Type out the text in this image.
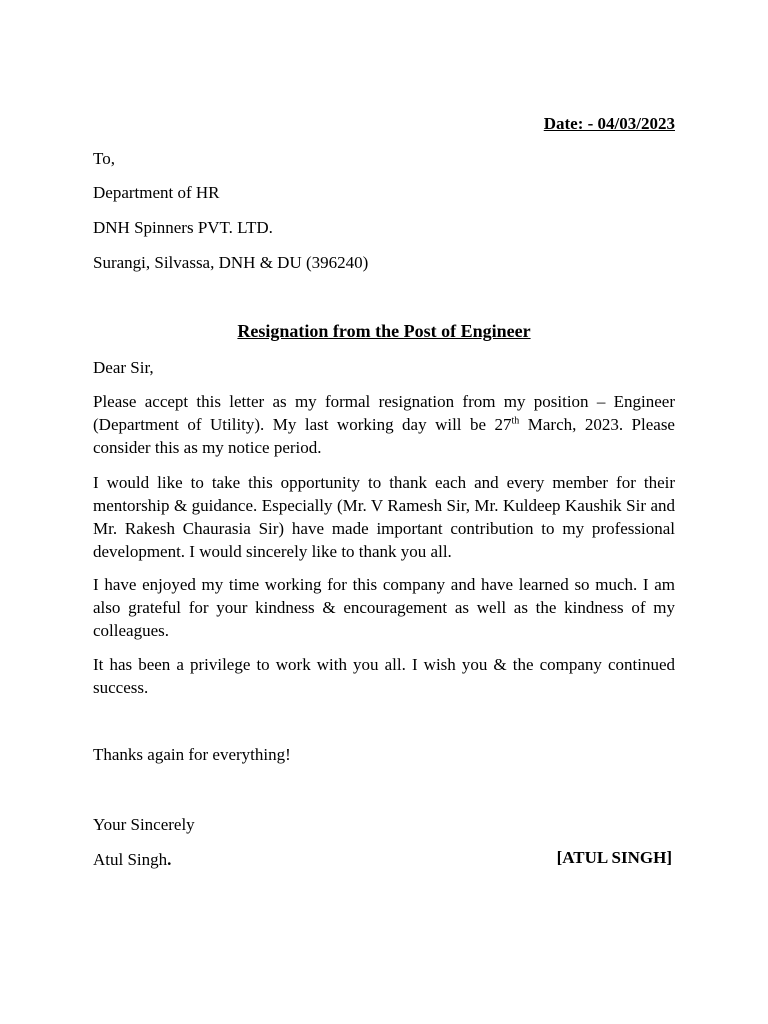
Date: - 04/03/2023

To,

Department of HR

DNH Spinners PVT. LTD.

Surangi, Silvassa, DNH & DU (396240)

Resignation from the Post of Engineer

Dear Sir,

Please accept this letter as my formal resignation from my position – Engineer (Department of Utility). My last working day will be 27th March, 2023. Please consider this as my notice period.

I would like to take this opportunity to thank each and every member for their mentorship & guidance. Especially (Mr. V Ramesh Sir, Mr. Kuldeep Kaushik Sir and Mr. Rakesh Chaurasia Sir) have made important contribution to my professional development. I would sincerely like to thank you all.

I have enjoyed my time working for this company and have learned so much. I am also grateful for your kindness & encouragement as well as the kindness of my colleagues.

It has been a privilege to work with you all. I wish you & the company continued success.

Thanks again for everything!

Your Sincerely

Atul Singh.	[ATUL SINGH]
